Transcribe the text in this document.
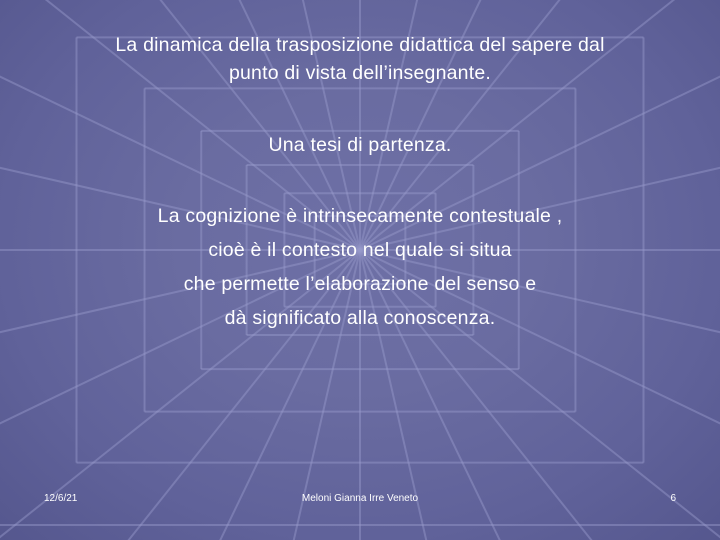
La dinamica della trasposizione didattica del sapere dal
punto di vista dell’insegnante.
Una tesi di partenza.
La cognizione è intrinsecamente contestuale ,
cioè è il contesto nel quale si situa
che permette l’elaborazione del senso e
dà significato alla conoscenza.
12/6/21	Meloni Gianna Irre Veneto	6
